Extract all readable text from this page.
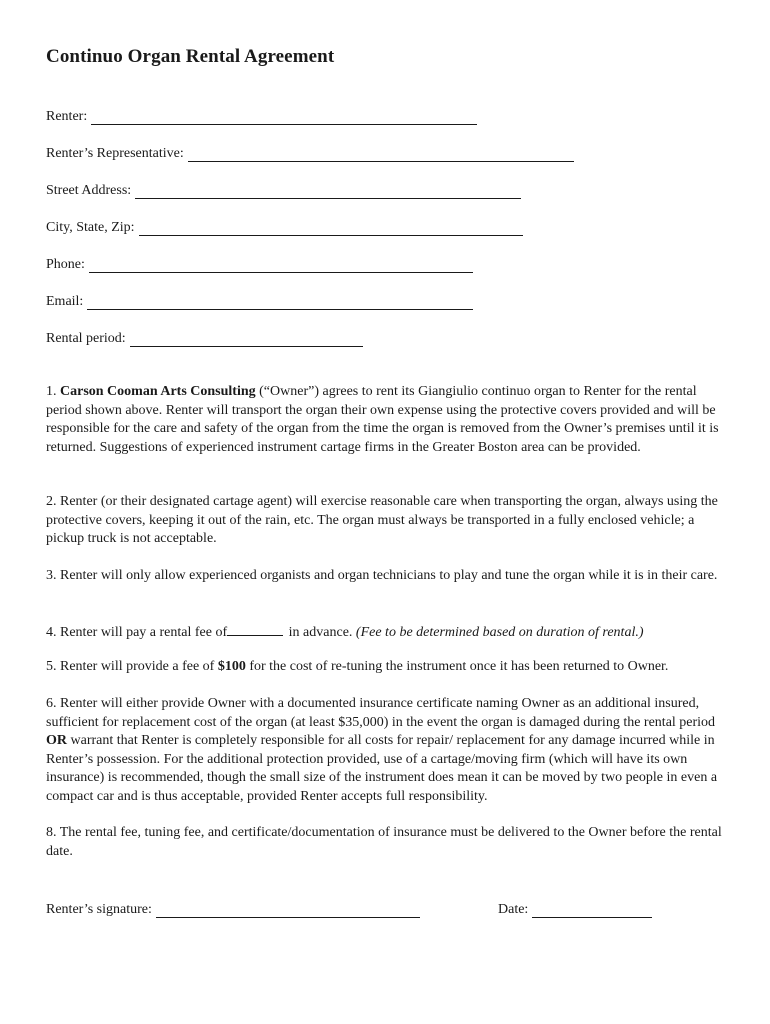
Continuo Organ Rental Agreement
Renter:
Renter’s Representative:
Street Address:
City, State, Zip:
Phone:
Email:
Rental period:
1. Carson Cooman Arts Consulting (“Owner”) agrees to rent its Giangiulio continuo organ to Renter for the rental period shown above. Renter will transport the organ their own expense using the protective covers provided and will be responsible for the care and safety of the organ from the time the organ is removed from the Owner’s premises until it is returned. Suggestions of experienced instrument cartage firms in the Greater Boston area can be provided.
2. Renter (or their designated cartage agent) will exercise reasonable care when transporting the organ, always using the protective covers, keeping it out of the rain, etc. The organ must always be transported in a fully enclosed vehicle; a pickup truck is not acceptable.
3. Renter will only allow experienced organists and organ technicians to play and tune the organ while it is in their care.
4. Renter will pay a rental fee of	in advance. (Fee to be determined based on duration of rental.)
5. Renter will provide a fee of $100 for the cost of re-tuning the instrument once it has been returned to Owner.
6. Renter will either provide Owner with a documented insurance certificate naming Owner as an additional insured, sufficient for replacement cost of the organ (at least $35,000) in the event the organ is damaged during the rental period OR warrant that Renter is completely responsible for all costs for repair/ replacement for any damage incurred while in Renter’s possession. For the additional protection provided, use of a cartage/moving firm (which will have its own insurance) is recommended, though the small size of the instrument does mean it can be moved by two people in even a compact car and is thus acceptable, provided Renter accepts full responsibility.
8. The rental fee, tuning fee, and certificate/documentation of insurance must be delivered to the Owner before the rental date.
Renter’s signature:	Date:
